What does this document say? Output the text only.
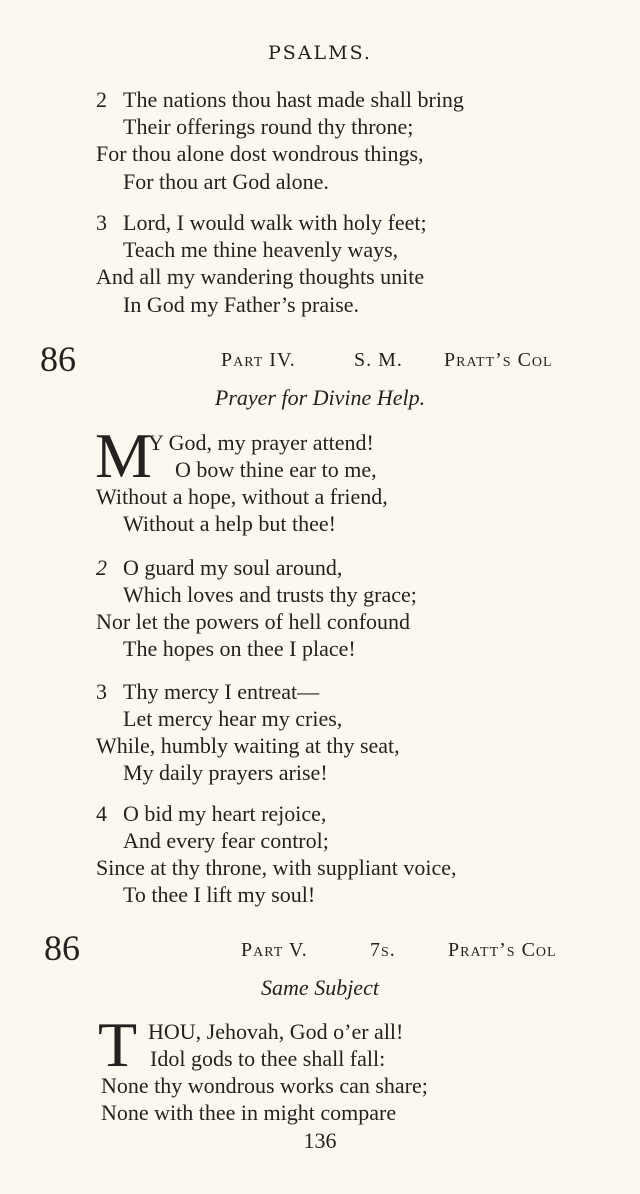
PSALMS.
2 The nations thou hast made shall bring
Their offerings round thy throne;
For thou alone dost wondrous things,
For thou art God alone.
3 Lord, I would walk with holy feet;
Teach me thine heavenly ways,
And all my wandering thoughts unite
In God my Father’s praise.
86	Part IV.	S. M. Pratt’s Col
Prayer for Divine Help.
M
Y God, my prayer attend!
O bow thine ear to me,
Without a hope, without a friend,
Without a help but thee!
2 O guard my soul around,
Which loves and trusts thy grace;
Nor let the powers of hell confound
The hopes on thee I place!
3 Thy mercy I entreat—
Let mercy hear my cries,
While, humbly waiting at thy seat,
My daily prayers arise!
4 O bid my heart rejoice,
And every fear control;
Since at thy throne, with suppliant voice,
To thee I lift my soul!
86	Part V.	7s.	Pratt’s Col
Same Subject
T HOU, Jehovah, God o’er all!
Idol gods to thee shall fall:
None thy wondrous works can share;
None with thee in might compare
136
